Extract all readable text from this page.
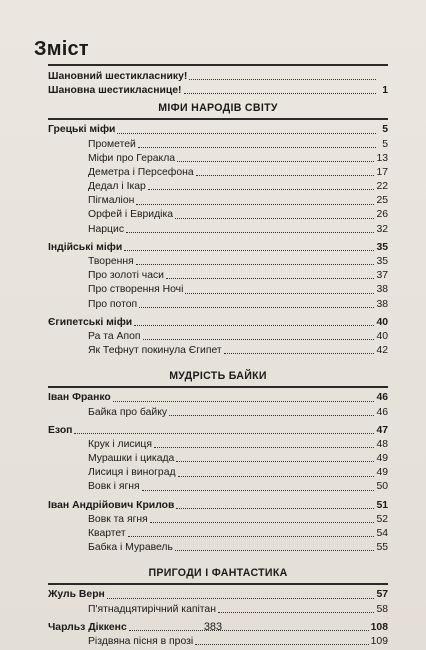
Зміст
Шановний шестикласнику!
Шановна шестикласнице!	1
МІФИ НАРОДІВ СВІТУ
Грецькі міфи	5
Прометей	5
Міфи про Геракла	13
Деметра і Персефона	17
Дедал і Ікар	22
Пігмаліон	25
Орфей і Евридіка	26
Нарцис	32
Індійські міфи	35
Творення	35
Про золоті часи	37
Про створення Ночі	38
Про потоп	38
Єгипетські міфи	40
Ра та Апоп	40
Як Тефнут покинула Єгипет	42
МУДРІСТЬ БАЙКИ
Іван Франко	46
Байка про байку	46
Езоп	47
Крук і лисиця	48
Мурашки і цикада	49
Лисиця і виноград	49
Вовк і ягня	50
Іван Андрійович Крилов	51
Вовк та ягня	52
Квартет	54
Бабка і Муравель	55
ПРИГОДИ І ФАНТАСТИКА
Жуль Верн	57
П'ятнадцятирічний капітан	58
Чарльз Діккенс	108
Різдвяна пісня в прозі	109
383
